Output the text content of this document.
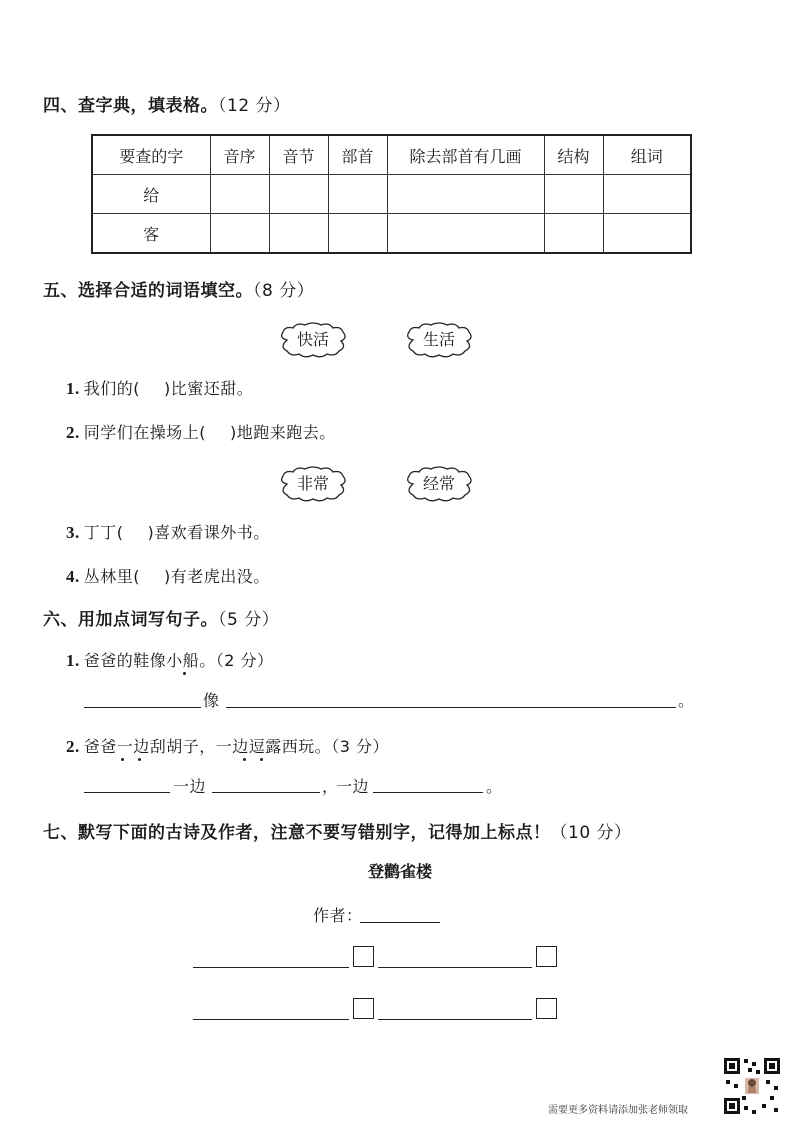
四、查字典，填表格。（12 分）
要查的字	音序	音节	部首	除去部首有几画	结构	组词
给						
客						
五、选择合适的词语填空。（8 分）
快活	生活
1. 我们的( )比蜜还甜。
2. 同学们在操场上( )地跑来跑去。
非常	经常
3. 丁丁( )喜欢看课外书。
4. 丛林里( )有老虎出没。
六、用加点词写句子。（5 分）
1. 爸爸的鞋像小船。（2 分）
像	。
2. 爸爸一边刮胡子，一边逗露西玩。（3 分）
一边	，
一边	。
七、默写下面的古诗及作者，注意不要写错别字，记得加上标点！（10 分）
登鹳雀楼
作者：
需要更多资料请添加张老师领取
